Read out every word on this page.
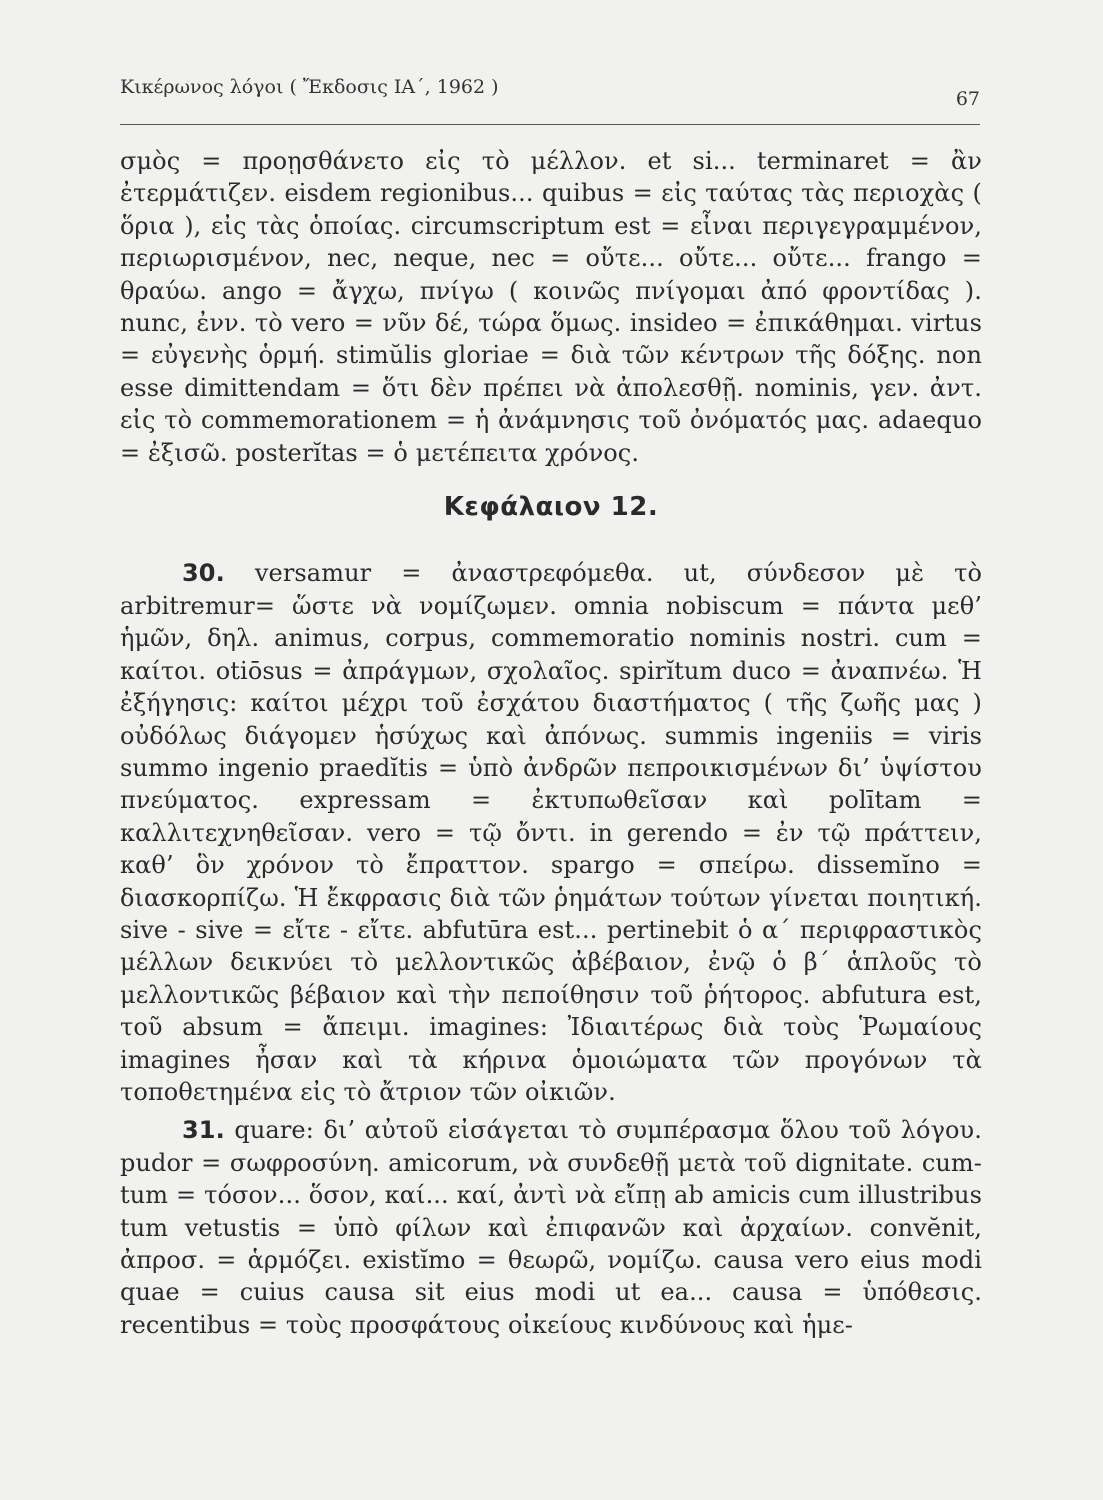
Κικέρωνος λόγοι ( Ἔκδοσις ΙΑ΄, 1962 )
67

σμὸς = προῃσθάνετο εἰς τὸ μέλλον. et si... terminaret = ἂν ἐτερμάτιζεν. eisdem regionibus... quibus = εἰς ταύτας τὰς περιοχὰς ( ὅρια ), εἰς τὰς ὁποίας. circumscriptum est = εἶναι περιγεγραμμένον, περιωρισμένον, nec, neque, nec = οὔτε... οὔτε... οὔτε... frango = θραύω. ango = ἄγχω, πνίγω ( κοινῶς πνίγομαι ἀπό φροντίδας ). nunc, ἐνν. τὸ vero = νῦν δέ, τώρα ὅμως. insideo = ἐπικάθημαι. virtus = εὐγενὴς ὁρμή. stimŭlis gloriae = διὰ τῶν κέντρων τῆς δόξης. non esse dimittendam = ὅτι δὲν πρέπει νὰ ἀπολεσθῇ. nominis, γεν. ἀντ. εἰς τὸ commemorationem = ἡ ἀνάμνησις τοῦ ὀνόματός μας. adaequo = ἐξισῶ. posterĭtas = ὁ μετέπειτα χρόνος.

Κεφάλαιον 12.

30. versamur = ἀναστρεφόμεθα. ut, σύνδεσον μὲ τὸ arbitremur= ὥστε νὰ νομίζωμεν. omnia nobiscum = πάντα μεθ’ ἡμῶν, δηλ. animus, corpus, commemoratio nominis nostri. cum = καίτοι. otiōsus = ἀπράγμων, σχολαῖος. spirĭtum duco = ἀναπνέω. Ἡ ἐξήγησις: καίτοι μέχρι τοῦ ἐσχάτου διαστήματος ( τῆς ζωῆς μας ) οὐδόλως διάγομεν ἡσύχως καὶ ἀπόνως. summis ingeniis = viris summo ingenio praedĭtis = ὑπὸ ἀνδρῶν πεπροικισμένων δι’ ὑψίστου πνεύματος. expressam = ἐκτυπωθεῖσαν καὶ polītam = καλλιτεχνηθεῖσαν. vero = τῷ ὄντι. in gerendo = ἐν τῷ πράττειν, καθ’ ὃν χρόνον τὸ ἔπραττον. spargo = σπείρω. dissemĭno = διασκορπίζω. Ἡ ἔκφρασις διὰ τῶν ῥημάτων τούτων γίνεται ποιητική. sive - sive = εἴτε - εἴτε. abfutūra est... pertinebit ὁ α΄ περιφραστικὸς μέλλων δεικνύει τὸ μελλοντικῶς ἀβέβαιον, ἐνῷ ὁ β΄ ἁπλοῦς τὸ μελλοντικῶς βέβαιον καὶ τὴν πεποίθησιν τοῦ ῥήτορος. abfutura est, τοῦ absum = ἄπειμι. imagines: Ἰδιαιτέρως διὰ τοὺς Ῥωμαίους imagines ἦσαν καὶ τὰ κήρινα ὁμοιώματα τῶν προγόνων τὰ τοποθετημένα εἰς τὸ ἄτριον τῶν οἰκιῶν.

31. quare: δι’ αὐτοῦ εἰσάγεται τὸ συμπέρασμα ὅλου τοῦ λόγου. pudor = σωφροσύνη. amicorum, νὰ συνδεθῇ μετὰ τοῦ dignitate. cum-tum = τόσον... ὅσον, καί... καί, ἀντὶ νὰ εἴπῃ ab amicis cum illustribus tum vetustis = ὑπὸ φίλων καὶ ἐπιφανῶν καὶ ἀρχαίων. convĕnit, ἀπροσ. = ἁρμόζει. existĭmo = θεωρῶ, νομίζω. causa vero eius modi quae = cuius causa sit eius modi ut ea... causa = ὑπόθεσις. recentibus = τοὺς προσφάτους οἰκείους κινδύνους καὶ ἡμε-
